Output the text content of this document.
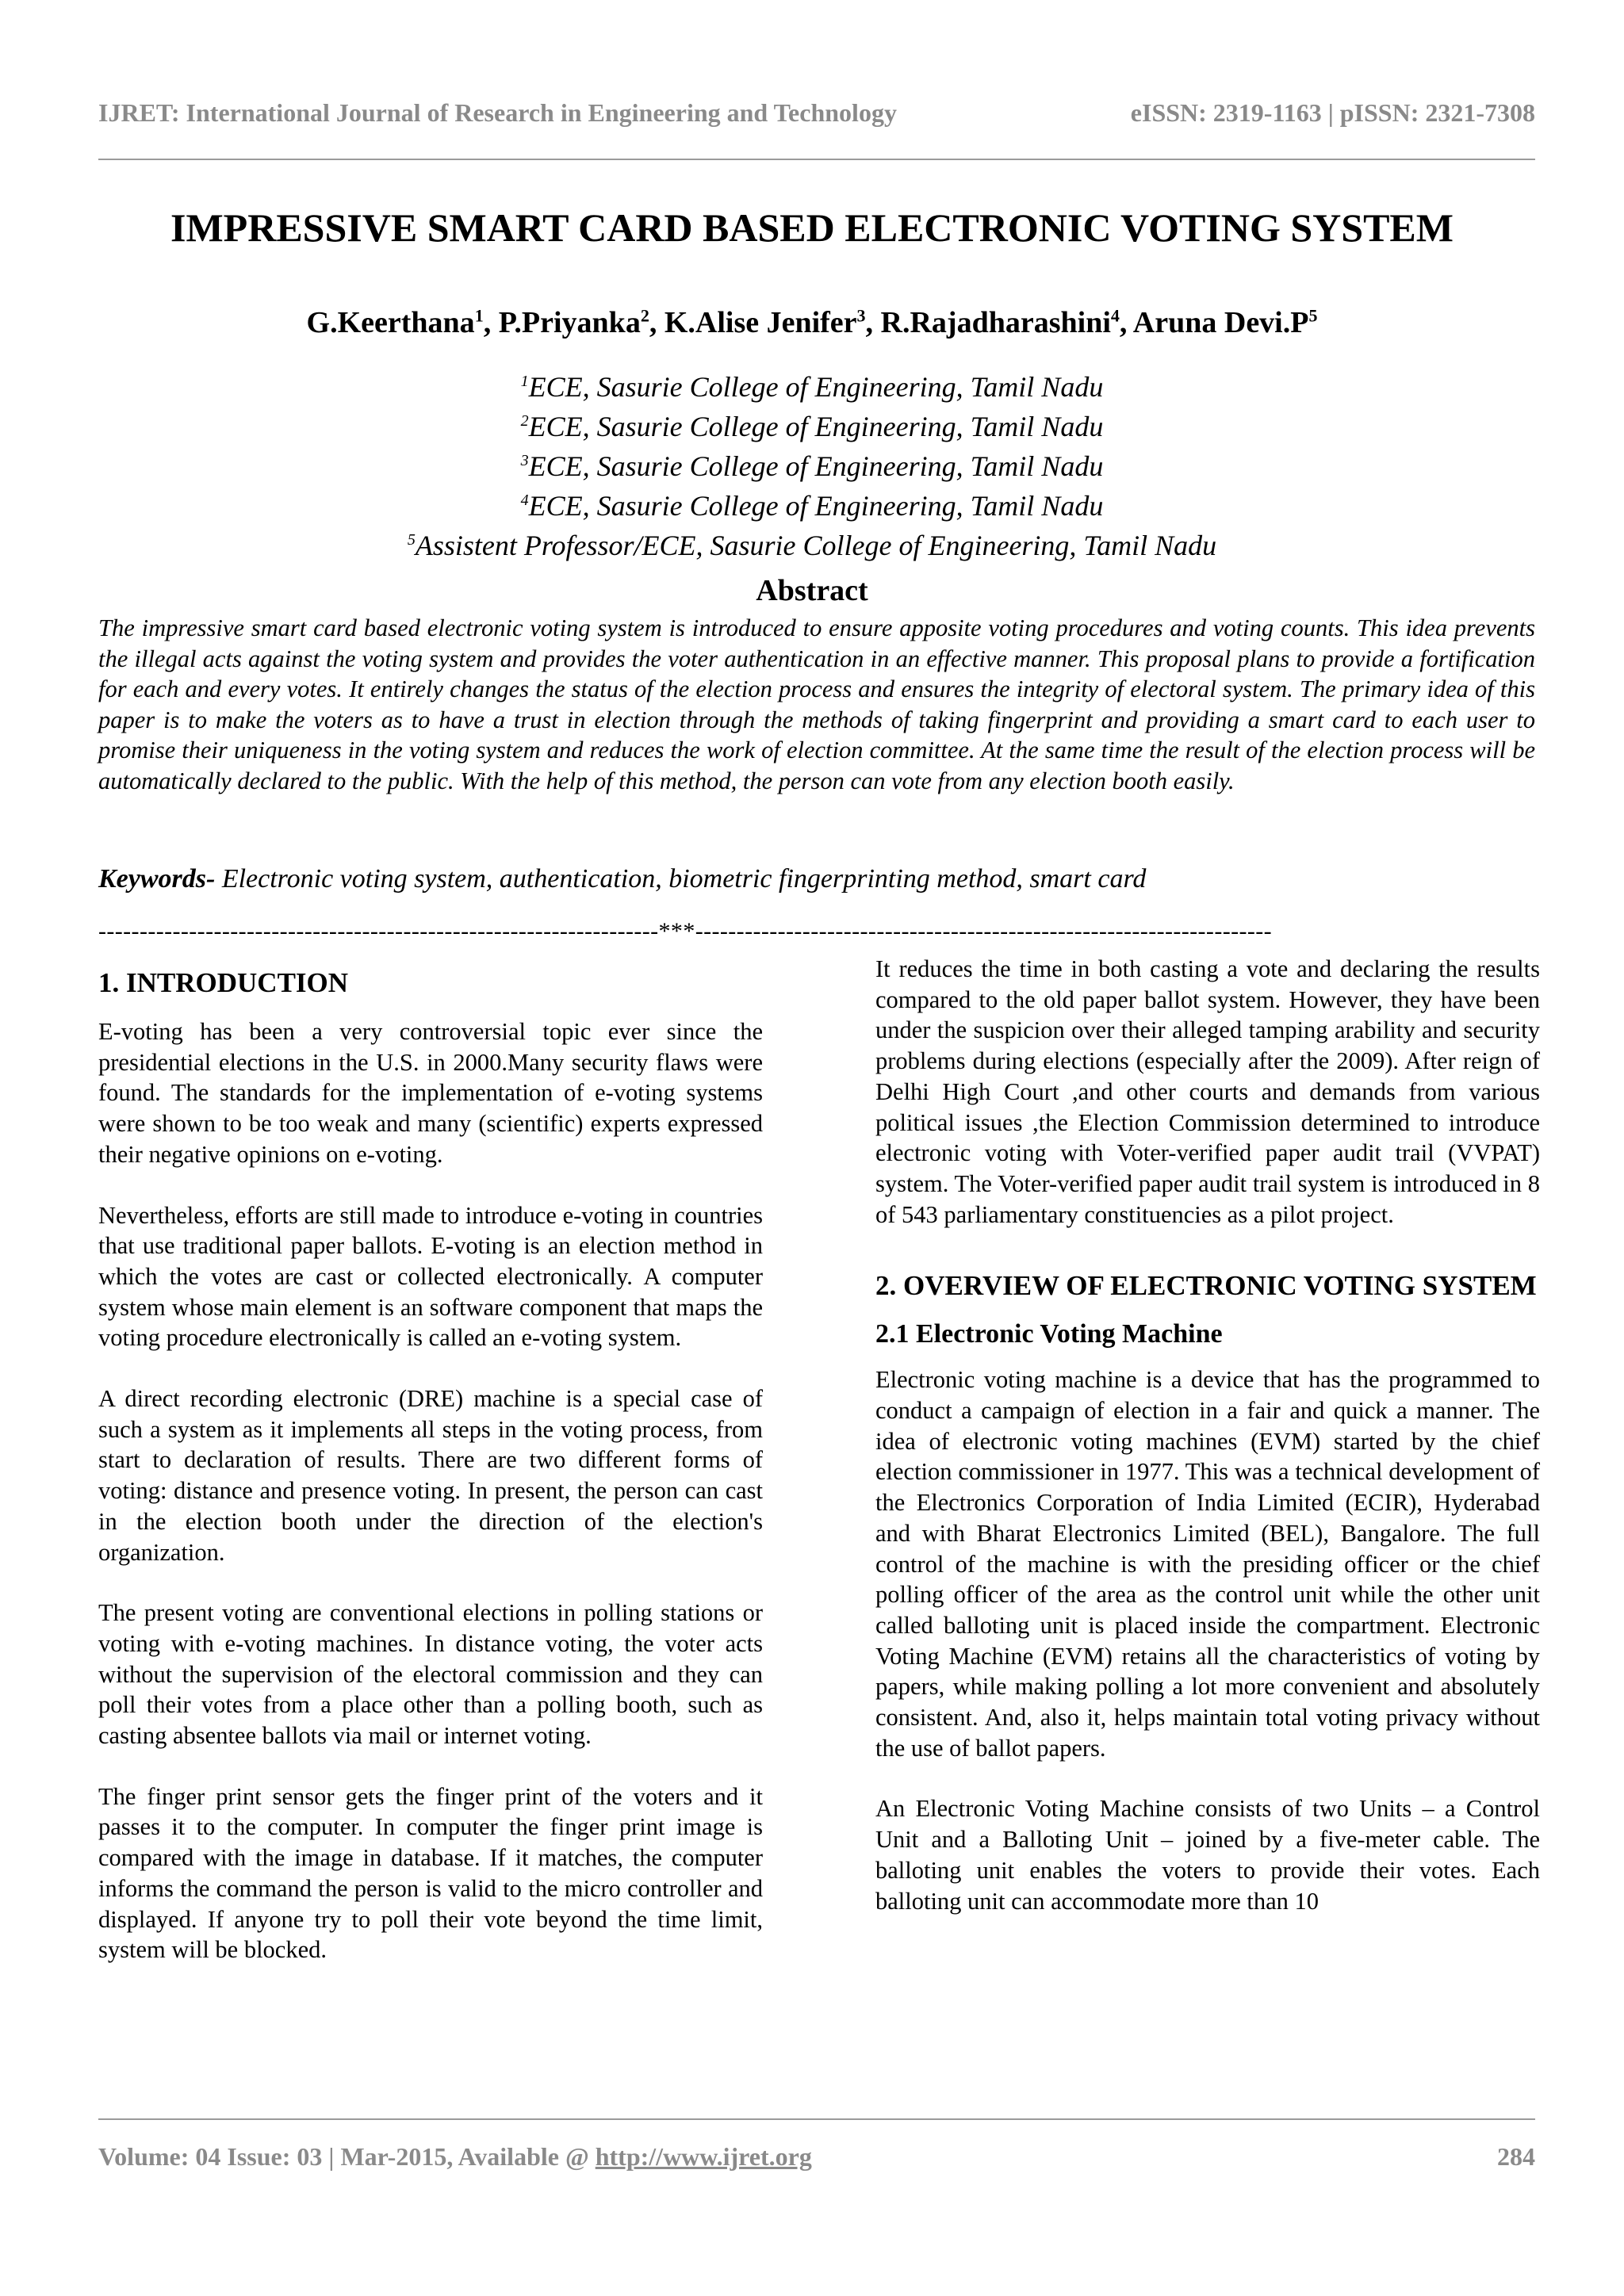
IJRET: International Journal of Research in Engineering and Technology	eISSN: 2319-1163 | pISSN: 2321-7308
IMPRESSIVE SMART CARD BASED ELECTRONIC VOTING SYSTEM
G.Keerthana$^1$, P.Priyanka$^2$, K.Alise Jenifer$^3$, R.Rajadharashini$^4$, Aruna $Devi.P^5$
$^1$ECE, Sasurie College of Engineering, Tamil Nadu
$^2$ECE, Sasurie College of Engineering, Tamil Nadu
$^3$ECE, Sasurie College of Engineering, Tamil Nadu
$^4$ECE, Sasurie College of Engineering, Tamil Nadu
$^5$Assistent Professor/ECE, Sasurie College of Engineering, Tamil Nadu
Abstract
The impressive smart card based electronic voting system is introduced to ensure apposite voting procedures and voting counts. This idea prevents the illegal acts against the voting system and provides the voter authentication in an effective manner. This proposal plans to provide a fortification for each and every votes. It entirely changes the status of the election process and ensures the integrity of electoral system. The primary idea of this paper is to make the voters as to have a trust in election through the methods of taking fingerprint and providing a smart card to each user to promise their uniqueness in the voting system and reduces the work of election committee. At the same time the result of the election process will be automatically declared to the public. With the help of this method, the person can vote from any election booth easily.
Keywords- Electronic voting system, authentication, biometric fingerprinting method, smart card
--------------------------------------------------------------------***----------------------------------------------------------------------
1. INTRODUCTION

E-voting has been a very controversial topic ever since the presidential elections in the U.S. in 2000.Many security flaws were found. The standards for the implementation of e-voting systems were shown to be too weak and many (scientific) experts expressed their negative opinions on e-voting.

Nevertheless, efforts are still made to introduce e-voting in countries that use traditional paper ballots. E-voting is an election method in which the votes are cast or collected electronically. A computer system whose main element is an software component that maps the voting procedure electronically is called an e-voting system.

A direct recording electronic (DRE) machine is a special case of such a system as it implements all steps in the voting process, from start to declaration of results. There are two different forms of voting: distance and presence voting. In present, the person can cast in the election booth under the direction of the election's organization.

The present voting are conventional elections in polling stations or voting with e-voting machines. In distance voting, the voter acts without the supervision of the electoral commission and they can poll their votes from a place other than a polling booth, such as casting absentee ballots via mail or internet voting.

The finger print sensor gets the finger print of the voters and it passes it to the computer. In computer the finger print image is compared with the image in database. If it matches, the computer informs the command the person is valid to the micro controller and displayed. If anyone try to poll their vote beyond the time limit, system will be blocked.

It reduces the time in both casting a vote and declaring the results compared to the old paper ballot system. However, they have been under the suspicion over their alleged tamping arability and security problems during elections (especially after the 2009). After reign of Delhi High Court ,and other courts and demands from various political issues ,the Election Commission determined to introduce electronic voting with Voter-verified paper audit trail (VVPAT) system. The Voter-verified paper audit trail system is introduced in 8 of 543 parliamentary constituencies as a pilot project.

2. OVERVIEW OF ELECTRONIC VOTING SYSTEM
2.1 Electronic Voting Machine

Electronic voting machine is a device that has the programmed to conduct a campaign of election in a fair and quick a manner. The idea of electronic voting machines (EVM) started by the chief election commissioner in 1977. This was a technical development of the Electronics Corporation of India Limited (ECIR), Hyderabad and with Bharat Electronics Limited (BEL), Bangalore. The full control of the machine is with the presiding officer or the chief polling officer of the area as the control unit while the other unit called balloting unit is placed inside the compartment. Electronic Voting Machine (EVM) retains all the characteristics of voting by papers, while making polling a lot more convenient and absolutely consistent. And, also it, helps maintain total voting privacy without the use of ballot papers.

An Electronic Voting Machine consists of two Units – a Control Unit and a Balloting Unit – joined by a five-meter cable. The balloting unit enables the voters to provide their votes. Each balloting unit can accommodate more than 10

Volume: 04 Issue: 03 | Mar-2015, Available @ http://www.ijret.org	284
